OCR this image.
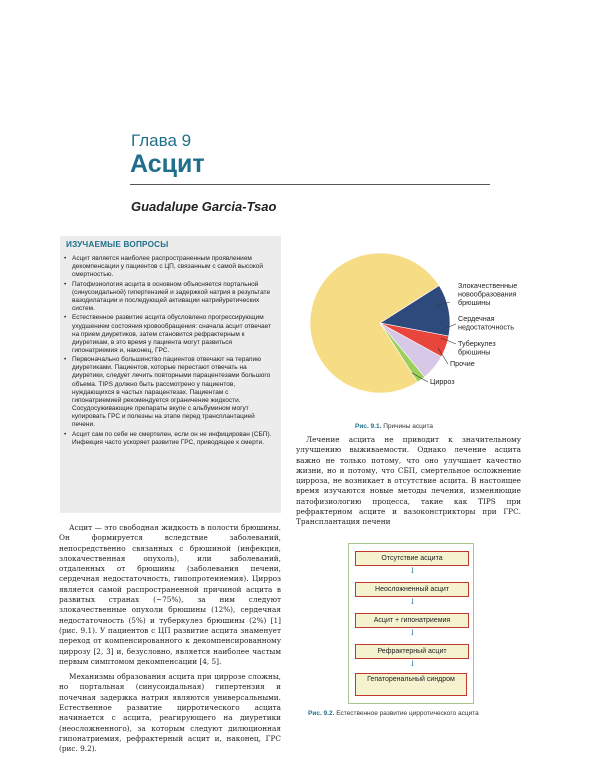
Глава 9
Асцит
Guadalupe Garcia-Tsao
ИЗУЧАЕМЫЕ ВОПРОСЫ
• Асцит является наиболее распространенным проявлением декомпенсации у пациентов с ЦП, связанным с самой высокой смертностью.
• Патофизиология асцита в основном объясняется портальной (синусоидальной) гипертензией и задержкой натрия в результате вазодилатации и последующей активации натрийуретических систем.
• Естественное развитие асцита обусловлено прогрессирующим ухудшением состояния кровообращения: сначала асцит отвечает на прием диуретиков, затем становится рефрактерным к диуретикам, в это время у пациента могут развиться гипонатриемия и, наконец, ГРС.
• Первоначально большинство пациентов отвечают на терапию диуретиками. Пациентов, которые перестают отвечать на диуретики, следует лечить повторными парацентезами большого объема. TIPS должно быть рассмотрено у пациентов, нуждающихся в частых парацентезах. Пациентам с гипонатриемией рекомендуется ограничение жидкости. Сосудосуживающие препараты вкупе с альбумином могут купировать ГРС и полезны на этапе перед трансплантацией печени.
• Асцит сам по себе не смертелен, если он не инфицирован (СБП). Инфекция часто ускоряет развитие ГРС, приводящее к смерти.
Злокачественные новообразования брюшины
Сердечная недостаточность
Туберкулез брюшины
Прочие
Цирроз
Рис. 9.1. Причины асцита

Асцит — это свободная жидкость в полости брюшины. Он формируется вследствие заболеваний, непосредственно связанных с брюшиной (инфекция, злокачественная опухоль), или заболеваний, отдаленных от брюшины (заболевания печени, сердечная недостаточность, гипопротеинемия). Цирроз является самой распространенной причиной асцита в развитых странах (~75%), за ним следуют злокачественные опухоли брюшины (12%), сердечная недостаточность (5%) и туберкулез брюшины (2%) [1] (рис. 9.1). У пациентов с ЦП развитие асцита знаменует переход от компенсированного к декомпенсированному циррозу [2, 3] и, безусловно, является наиболее частым первым симптомом декомпенсации [4, 5].

Механизмы образования асцита при циррозе сложны, но портальная (синусоидальная) гипертензия и почечная задержка натрия являются универсальными. Естественное развитие цирротического асцита начинается с асцита, реагирующего на диуретики (неосложненного), за которым следуют дилюционная гипонатриемия, рефрактерный асцит и, наконец, ГРС (рис. 9.2).

Лечение асцита не приводит к значительному улучшению выживаемости. Однако лечение асцита важно не только потому, что оно улучшает качество жизни, но и потому, что СБП, смертельное осложнение цирроза, не возникает в отсутствие асцита. В настоящее время изучаются новые методы лечения, изменяющие патофизиологию процесса, такие как TIPS при рефрактерном асците и вазоконстрикторы при ГРС. Трансплантация печени

Отсутствие асцита
↓
Неосложненный асцит
↓
Асцит + гипонатриемия
↓
Рефрактерный асцит
↓
Гепаторенальный синдром
Рис. 9.2. Естественное развитие цирротического асцита
